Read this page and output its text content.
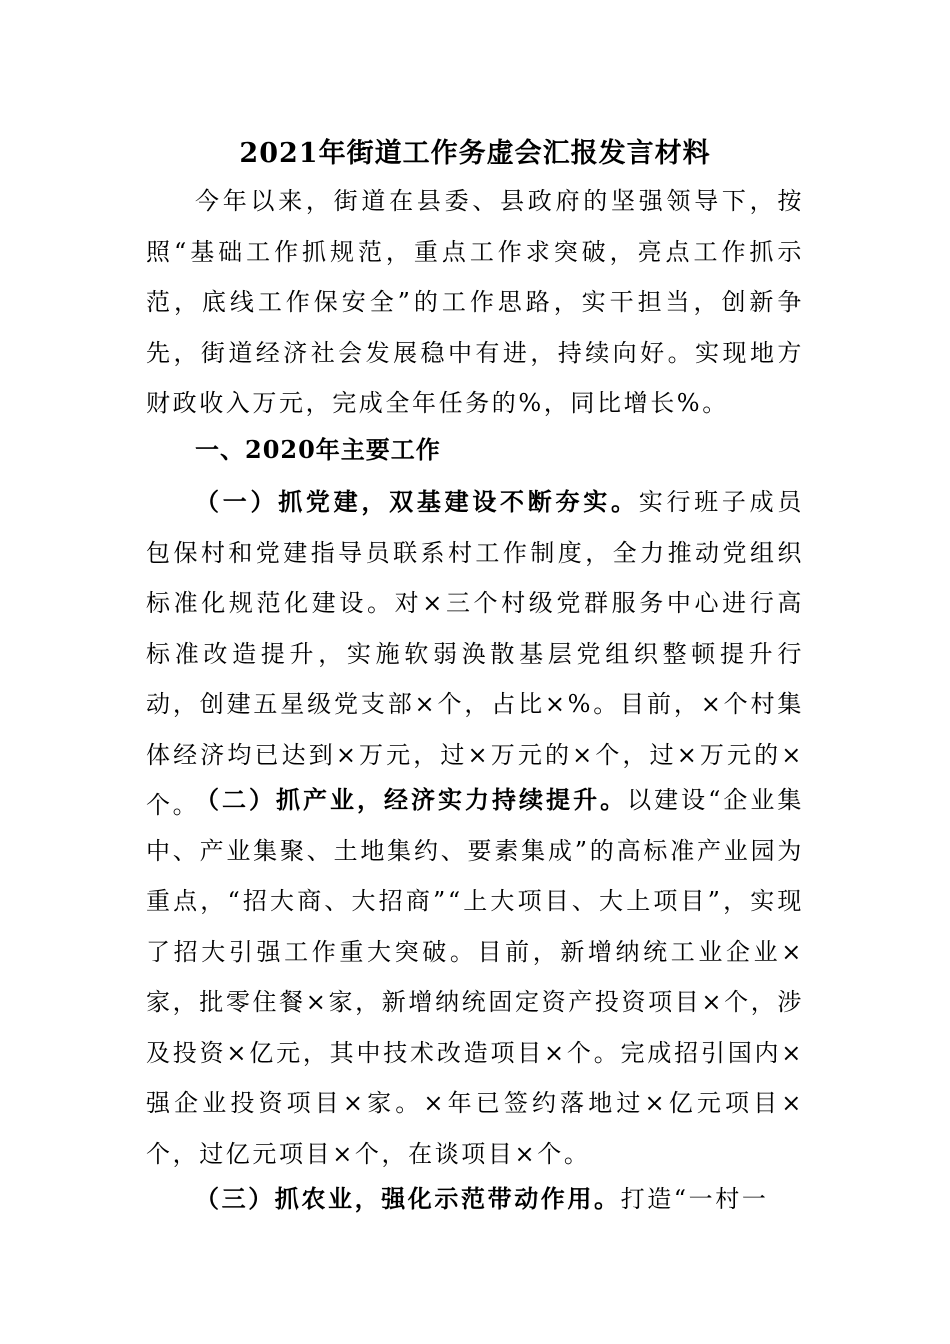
2021年街道工作务虚会汇报发言材料

今年以来，街道在县委、县政府的坚强领导下，按照“基础工作抓规范，重点工作求突破，亮点工作抓示范，底线工作保安全”的工作思路，实干担当，创新争先，街道经济社会发展稳中有进，持续向好。实现地方财政收入万元，完成全年任务的%，同比增长%。

一、2020年主要工作

（一）抓党建，双基建设不断夯实。实行班子成员包保村和党建指导员联系村工作制度，全力推动党组织标准化规范化建设。对×三个村级党群服务中心进行高标准改造提升，实施软弱涣散基层党组织整顿提升行动，创建五星级党支部×个，占比×%。目前，×个村集体经济均已达到×万元，过×万元的×个，过×万元的×个。

（二）抓产业，经济实力持续提升。以建设“企业集中、产业集聚、土地集约、要素集成”的高标准产业园为重点，“招大商、大招商”“上大项目、大上项目”，实现了招大引强工作重大突破。目前，新增纳统工业企业×家，批零住餐×家，新增纳统固定资产投资项目×个，涉及投资×亿元，其中技术改造项目×个。完成招引国内×强企业投资项目×家。×年已签约落地过×亿元项目×个，过亿元项目×个，在谈项目×个。

（三）抓农业，强化示范带动作用。打造“一村一
